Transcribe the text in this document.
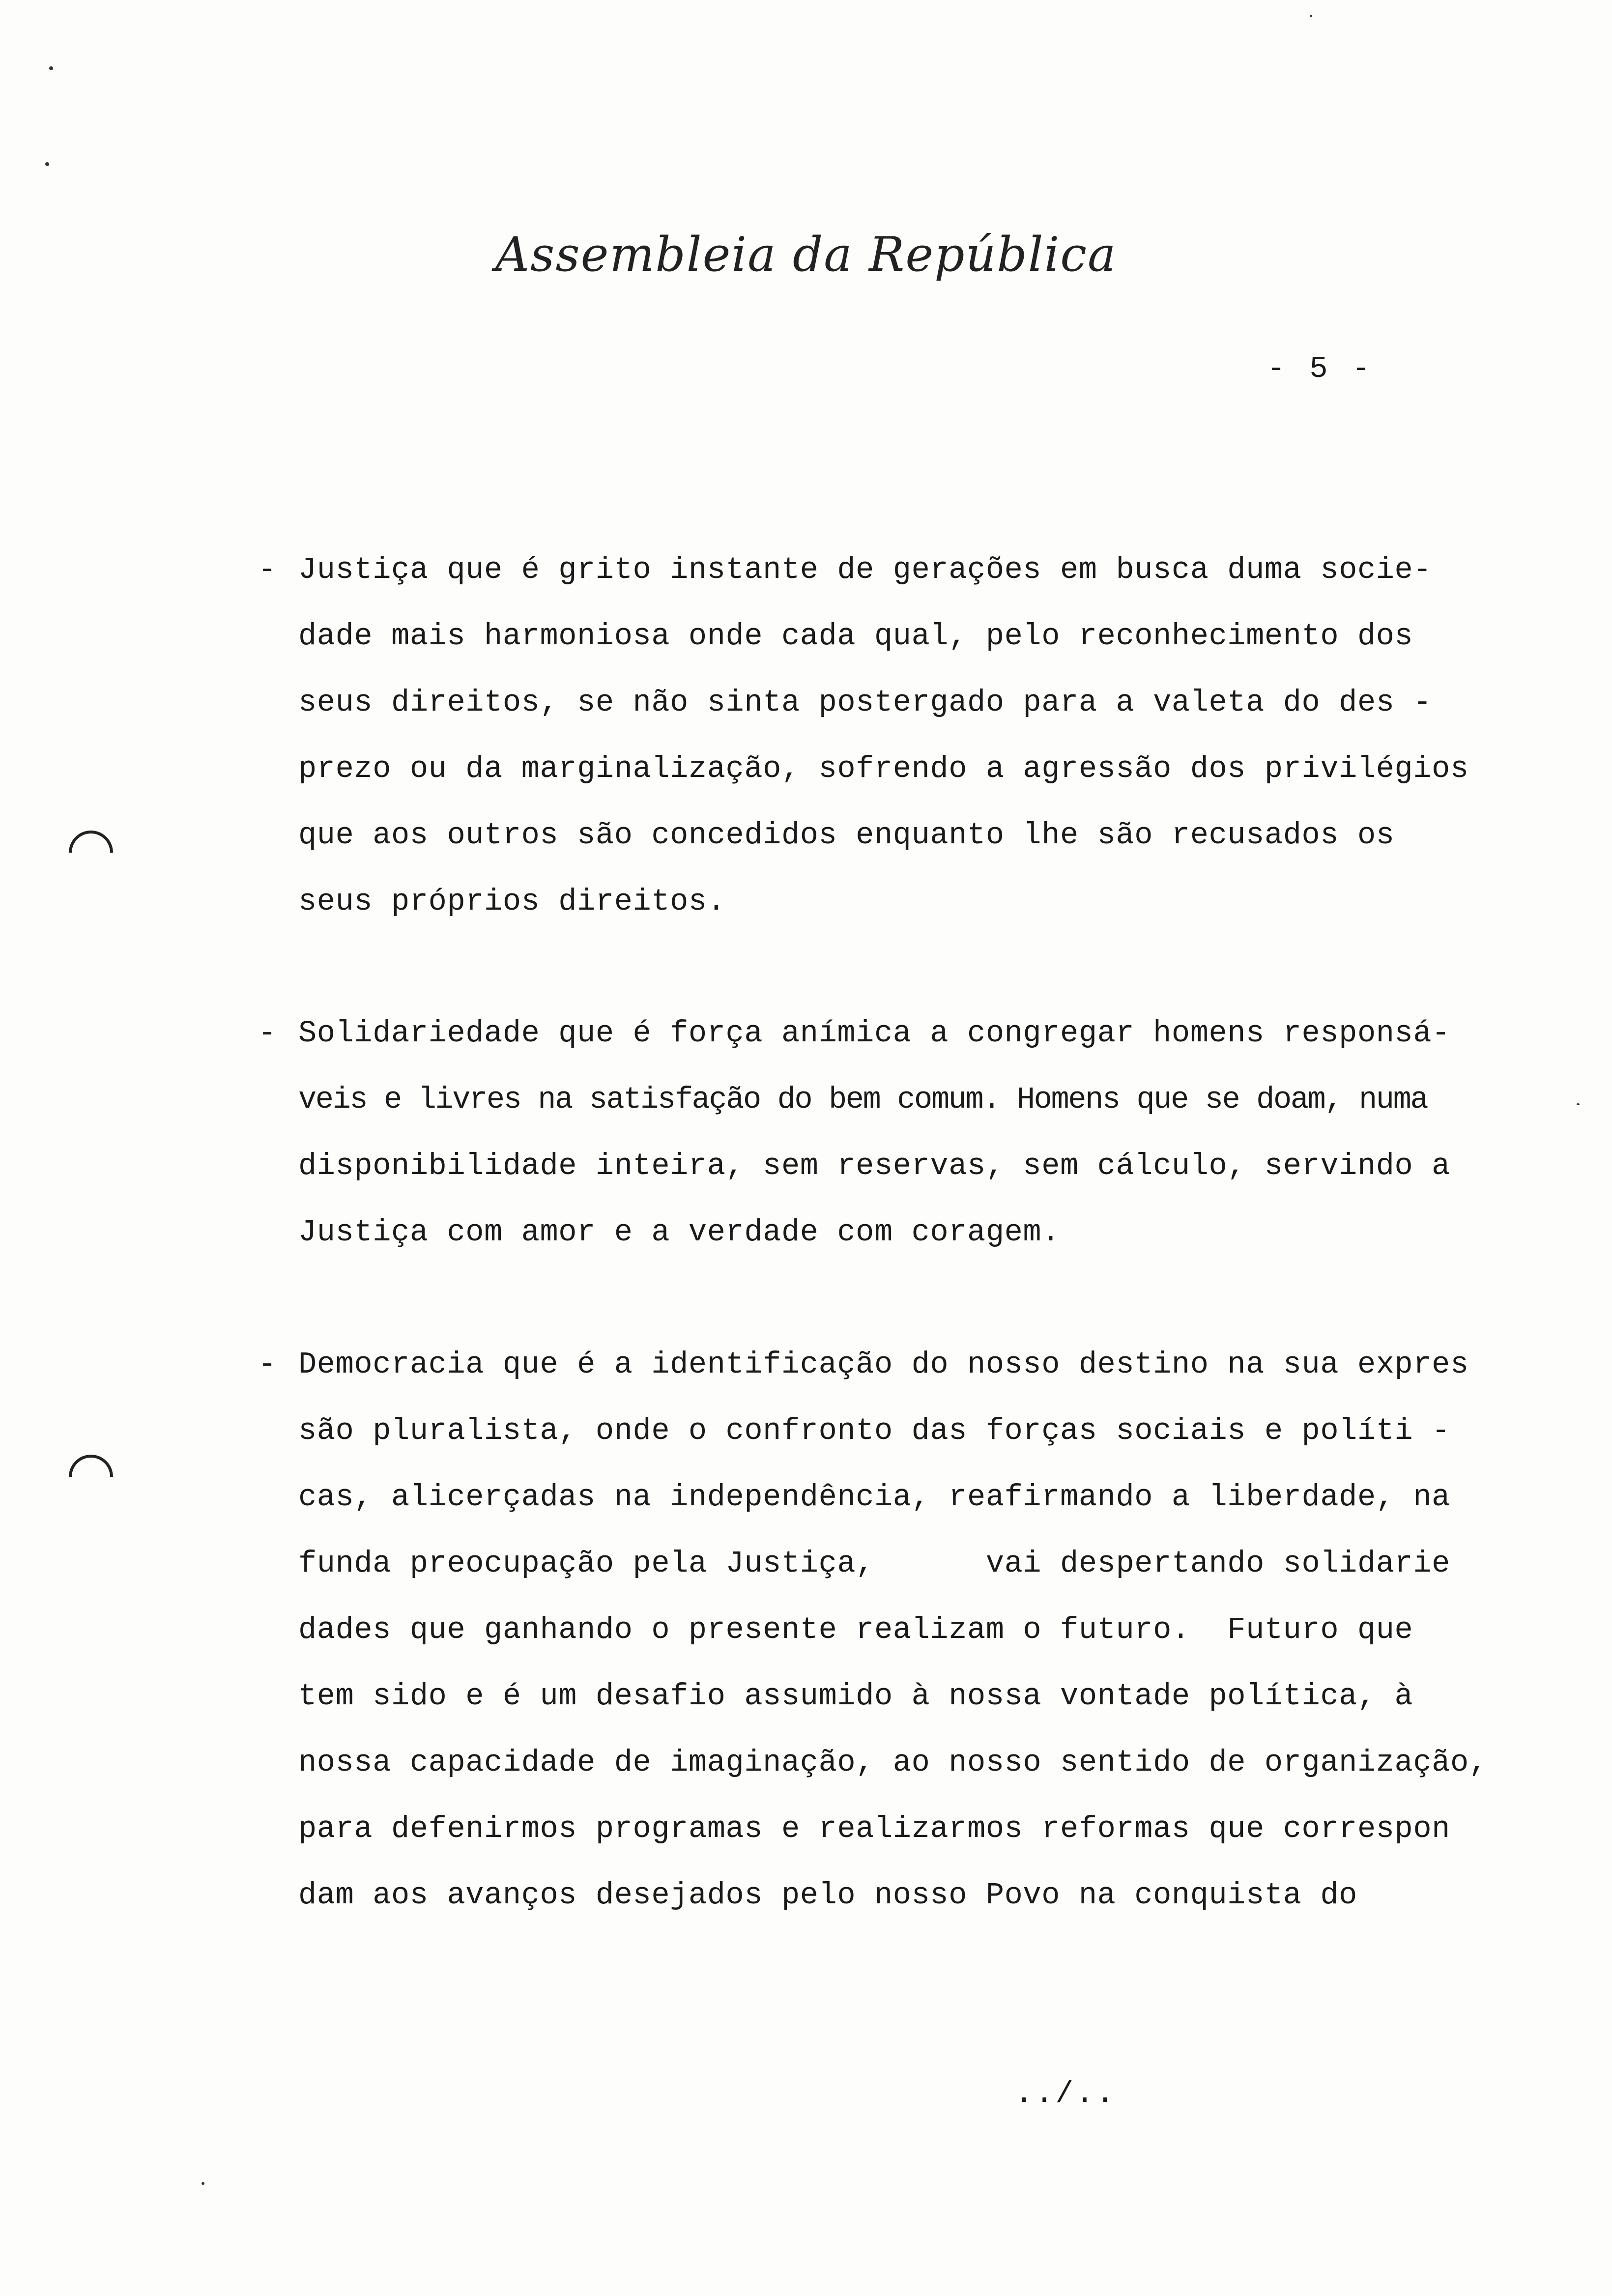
Assembleia da República
- 5 -
- Justiça que é grito instante de gerações em busca duma socie-
dade mais harmoniosa onde cada qual, pelo reconhecimento dos
seus direitos, se não sinta postergado para a valeta do des -
prezo ou da marginalização, sofrendo a agressão dos privilégios
que aos outros são concedidos enquanto lhe são recusados os
seus próprios direitos.
- Solidariedade que é força anímica a congregar homens responsá-
veis e livres na satisfação do bem comum. Homens que se doam, numa
disponibilidade inteira, sem reservas, sem cálculo, servindo a
Justiça com amor e a verdade com coragem.
- Democracia que é a identificação do nosso destino na sua expres
são pluralista, onde o confronto das forças sociais e políti -
cas, alicerçadas na independência, reafirmando a liberdade, na
funda preocupação pela Justiça,      vai despertando solidarie
dades que ganhando o presente realizam o futuro.  Futuro que
tem sido e é um desafio assumido à nossa vontade política, à
nossa capacidade de imaginação, ao nosso sentido de organização,
para defenirmos programas e realizarmos reformas que correspon
dam aos avanços desejados pelo nosso Povo na conquista do
../..
